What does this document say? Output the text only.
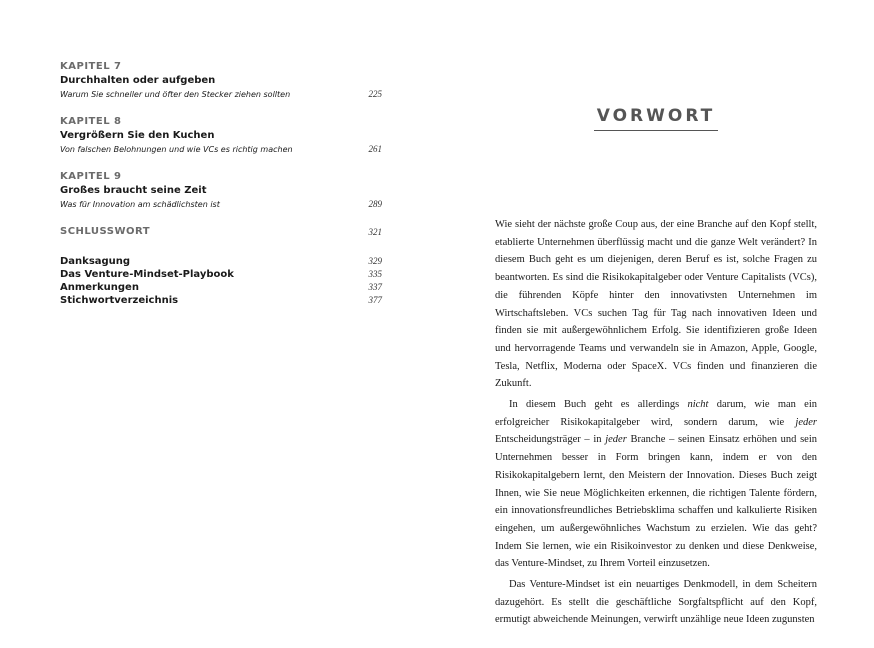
KAPITEL 7
Durchhalten oder aufgeben
Warum Sie schneller und öfter den Stecker ziehen sollten	225
KAPITEL 8
Vergrößern Sie den Kuchen
Von falschen Belohnungen und wie VCs es richtig machen	261
KAPITEL 9
Großes braucht seine Zeit
Was für Innovation am schädlichsten ist	289
SCHLUSSWORT	321
Danksagung	329
Das Venture-Mindset-Playbook	335
Anmerkungen	337
Stichwortverzeichnis	377
VORWORT

Wie sieht der nächste große Coup aus, der eine Branche auf den Kopf stellt, etablierte Unternehmen überflüssig macht und die ganze Welt verändert? In diesem Buch geht es um diejenigen, deren Beruf es ist, solche Fragen zu beantworten. Es sind die Risikokapitalgeber oder Venture Capitalists (VCs), die führenden Köpfe hinter den innovativsten Unternehmen im Wirtschaftsleben. VCs suchen Tag für Tag nach innovativen Ideen und finden sie mit außergewöhnlichem Erfolg. Sie identifizieren große Ideen und hervorragende Teams und verwandeln sie in Amazon, Apple, Google, Tesla, Netflix, Moderna oder SpaceX. VCs finden und finanzieren die Zukunft.

In diesem Buch geht es allerdings nicht darum, wie man ein erfolgreicher Risikokapitalgeber wird, sondern darum, wie jeder Entscheidungsträger – in jeder Branche – seinen Einsatz erhöhen und sein Unternehmen besser in Form bringen kann, indem er von den Risikokapitalgebern lernt, den Meistern der Innovation. Dieses Buch zeigt Ihnen, wie Sie neue Möglichkeiten erkennen, die richtigen Talente fördern, ein innovationsfreundliches Betriebsklima schaffen und kalkulierte Risiken eingehen, um außergewöhnliches Wachstum zu erzielen. Wie das geht? Indem Sie lernen, wie ein Risikoinvestor zu denken und diese Denkweise, das Venture-Mindset, zu Ihrem Vorteil einzusetzen.

Das Venture-Mindset ist ein neuartiges Denkmodell, in dem Scheitern dazugehört. Es stellt die geschäftliche Sorgfaltspflicht auf den Kopf, ermutigt abweichende Meinungen, verwirft unzählige neue Ideen zugunsten
